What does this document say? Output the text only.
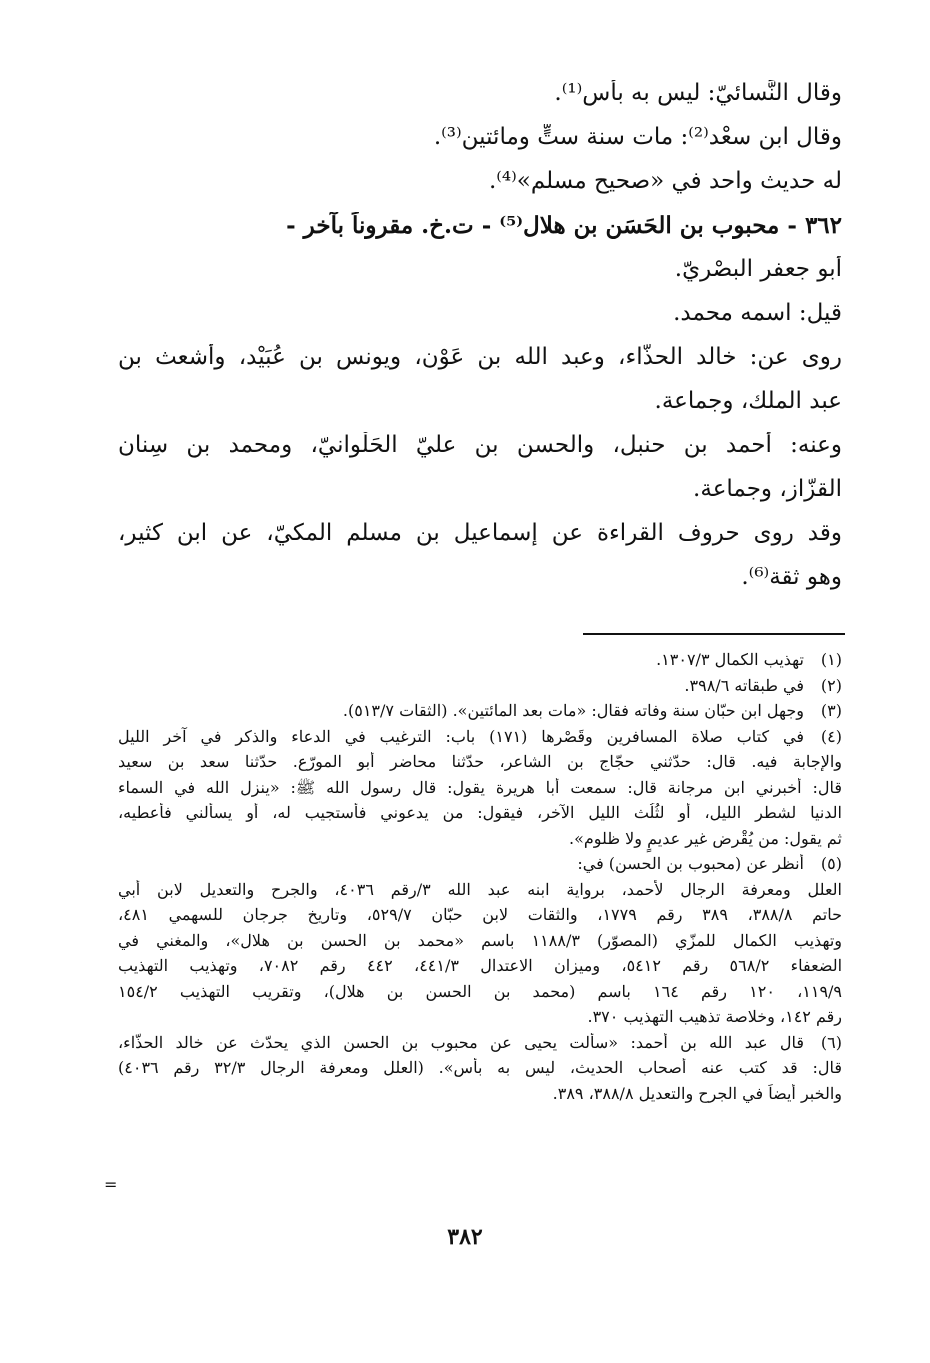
وقال النَّسائيّ: ليس به بأس⁽¹⁾.
وقال ابن سعْد⁽²⁾: مات سنة ستٍّ ومائتين⁽³⁾.
له حديث واحد في «صحيح مسلم»⁽⁴⁾.
٣٦٢ - محبوب بن الحَسَن بن هلال⁽⁵⁾ - ت.خ. مقروناً بآخر -
أبو جعفر البصْريّ.
قيل: اسمه محمد.
روى عن: خالد الحذّاء، وعبد الله بن عَوْن، ويونس بن عُبَيْد، وأشعث بن
عبد الملك، وجماعة.
وعنه: أحمد بن حنبل، والحسن بن عليّ الحَلْوانيّ، ومحمد بن سِنان
القزّاز، وجماعة.
وقد روى حروف القراءة عن إسماعيل بن مسلم المكيّ، عن ابن كثير،
وهو ثقة⁽⁶⁾.
(١)
تهذيب الكمال ١٣٠٧/٣.
(٢)
في طبقاته ٣٩٨/٦.
(٣)
وجهل ابن حبّان سنة وفاته فقال: «مات بعد المائتين». (الثقات ٥١٣/٧).
(٤)
في كتاب صلاة المسافرين وقَصْرها (١٧١) باب: الترغيب في الدعاء والذكر في آخر الليل
والإجابة فيه. قال: حدّثني حجّاج بن الشاعر، حدّثنا محاضر أبو المورّع. حدّثنا سعد بن سعيد
قال: أخبرني ابن مرجانة قال: سمعت أبا هريرة يقول: قال رسول الله ﷺ: «ينزل الله في السماء
الدنيا لشطر الليل، أو لثُلُث الليل الآخر، فيقول: من يدعوني فأستجيب له، أو يسألني فأعطيه،
ثم يقول: من يُقْرض غير عديمٍ ولا ظلوم».
(٥)
أنظر عن (محبوب بن الحسن) في:
العلل ومعرفة الرجال لأحمد، برواية ابنه عبد الله ٣/رقم ٤٠٣٦، والجرح والتعديل لابن أبي
حاتم ٣٨٨/٨، ٣٨٩ رقم ١٧٧٩، والثقات لابن حبّان ٥٢٩/٧، وتاريخ جرجان للسهمي ٤٨١،
وتهذيب الكمال للمزّي (المصوّر) ١١٨٨/٣ باسم «محمد بن الحسن بن هلال»، والمغني في
الضعفاء ٥٦٨/٢ رقم ٥٤١٢، وميزان الاعتدال ٤٤١/٣، ٤٤٢ رقم ٧٠٨٢، وتهذيب التهذيب
١١٩/٩، ١٢٠ رقم ١٦٤ باسم (محمد بن الحسن بن هلال)، وتقريب التهذيب ١٥٤/٢
رقم ١٤٢، وخلاصة تذهيب التهذيب ٣٧٠.
(٦)
قال عبد الله بن أحمد: «سألت يحيى عن محبوب بن الحسن الذي يحدّث عن خالد الحذّاء،
قال: قد كتب عنه أصحاب الحديث، ليس به بأس». (العلل ومعرفة الرجال ٣٢/٣ رقم ٤٠٣٦)
والخبر أيضاً في الجرح والتعديل ٣٨٨/٨، ٣٨٩.
=
٣٨٢
